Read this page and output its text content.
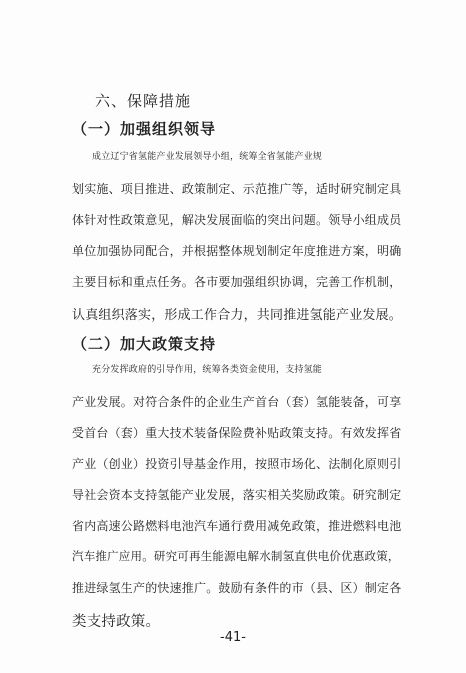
六、保障措施
（一）加强组织领导
成立辽宁省氢能产业发展领导小组，统筹全省氢能产业规
划实施、项目推进、政策制定、示范推广等，适时研究制定具
体针对性政策意见，解决发展面临的突出问题。领导小组成员
单位加强协同配合，并根据整体规划制定年度推进方案，明确
主要目标和重点任务。各市要加强组织协调，完善工作机制，
认真组织落实，形成工作合力，共同推进氢能产业发展。
（二）加大政策支持
充分发挥政府的引导作用，统筹各类资金使用，支持氢能
产业发展。对符合条件的企业生产首台（套）氢能装备，可享
受首台（套）重大技术装备保险费补贴政策支持。有效发挥省
产业（创业）投资引导基金作用，按照市场化、法制化原则引
导社会资本支持氢能产业发展，落实相关奖励政策。研究制定
省内高速公路燃料电池汽车通行费用减免政策，推进燃料电池
汽车推广应用。研究可再生能源电解水制氢直供电价优惠政策，
推进绿氢生产的快速推广。鼓励有条件的市（县、区）制定各
类支持政策。
-41-
